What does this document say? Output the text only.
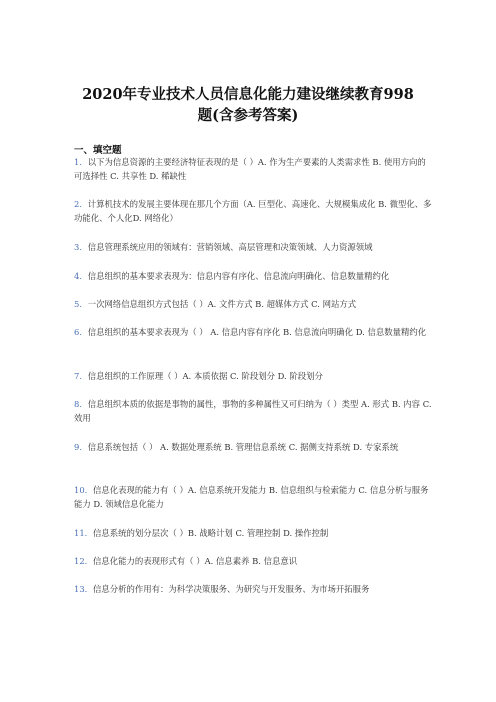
2020年专业技术人员信息化能力建设继续教育998
题(含参考答案)
一、填空题
1．以下为信息资源的主要经济特征表现的是（ ）A. 作为生产要素的人类需求性 B. 使用方向的可选择性 C. 共享性 D. 稀缺性
2．计算机技术的发展主要体现在那几个方面（A. 巨型化、高速化、大规模集成化 B. 微型化、多功能化、个人化D. 网络化）
3．信息管理系统应用的领域有：营销领域、高层管理和决策领域、人力资源领域
4．信息组织的基本要求表现为：信息内容有序化、信息流向明确化、信息数量精约化
5．一次网络信息组织方式包括（ ）A. 文件方式 B. 超媒体方式 C. 网站方式
6．信息组织的基本要求表现为（ ） A. 信息内容有序化 B. 信息流向明确化 D. 信息数量精约化
7．信息组织的工作原理（ ）A. 本质依据 C. 阶段划分 D. 阶段划分
8．信息组织本质的依据是事物的属性，事物的多种属性又可归纳为（ ）类型 A. 形式 B. 内容 C. 效用
9．信息系统包括（ ） A. 数据处理系统 B. 管理信息系统 C. 据侧支持系统 D. 专家系统
10．信息化表现的能力有（ ）A. 信息系统开发能力 B. 信息组织与检索能力 C. 信息分析与服务能力 D. 领域信息化能力
11．信息系统的划分层次（ ）B. 战略计划 C. 管理控制 D. 操作控制
12．信息化能力的表现形式有（ ）A. 信息素养 B. 信息意识
13．信息分析的作用有：为科学决策服务、为研究与开发服务、为市场开拓服务
